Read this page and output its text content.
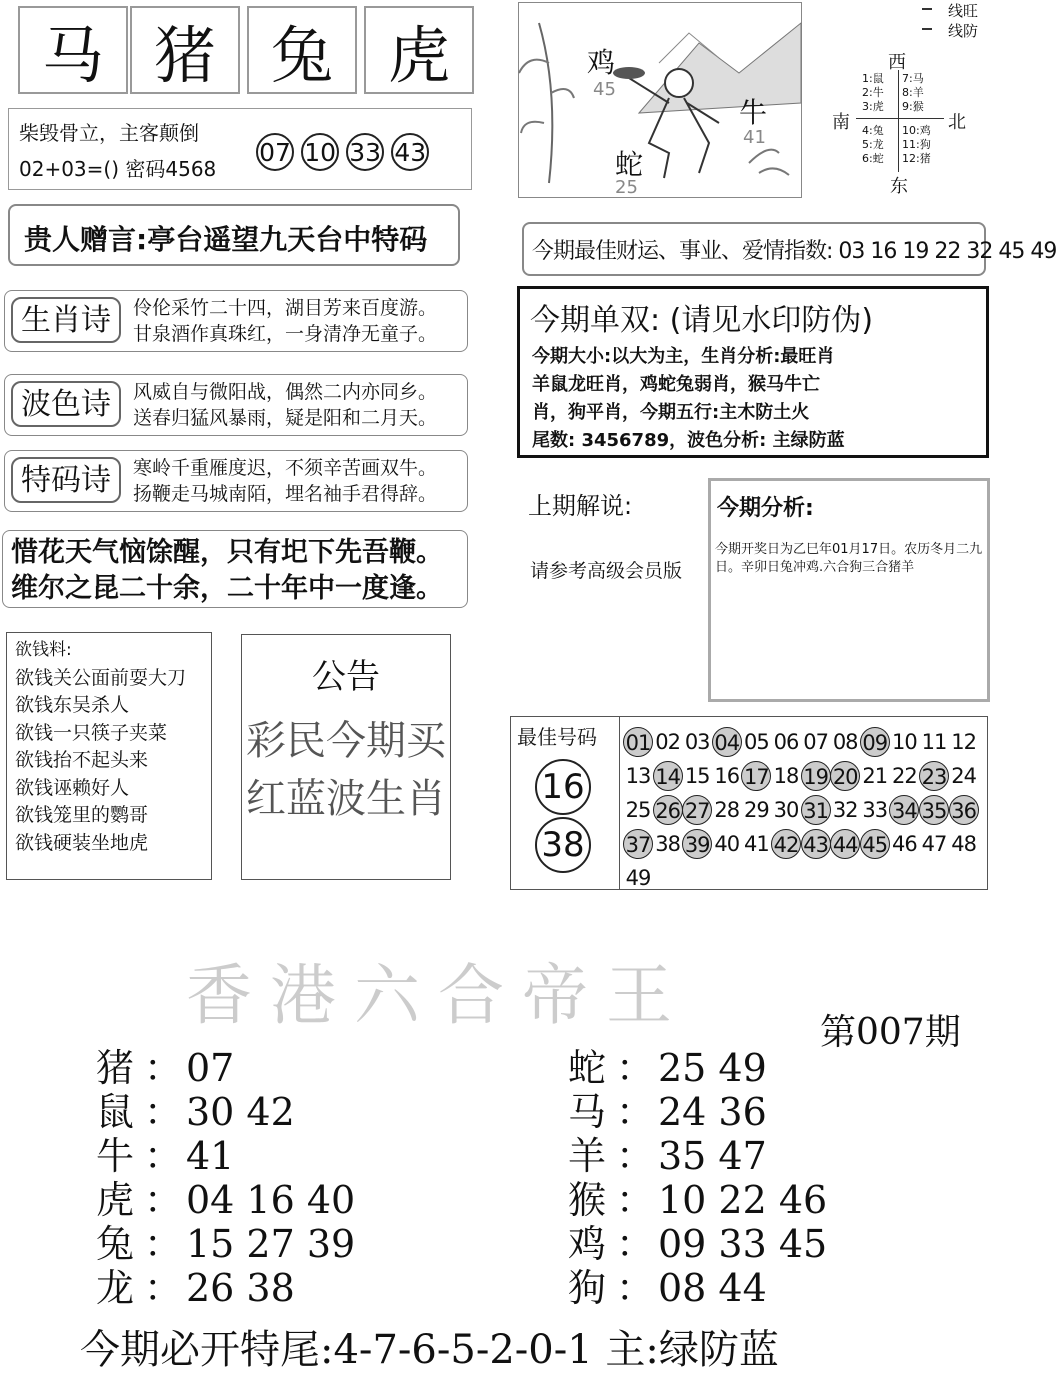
马 猪 兔 虎
柴毁骨立，主客颠倒
02+03=() 密码4568
07 10 33 43
贵人赠言:亭台遥望九天台中特码
生肖诗	伶伦采竹二十四，湖目芳来百度游。
甘泉酒作真珠红，一身清净无童子。
波色诗	风威自与微阳战，偶然二内亦同乡。
送春归猛风暴雨，疑是阳和二月天。
特码诗	寒岭千重雁度迟，不须辛苦画双牛。
扬鞭走马城南陌，埋名袖手君得辞。
惜花天气恼馀醒，只有圯下先吾鞭。
维尔之昆二十余，二十年中一度逢。
欲钱料:
欲钱关公面前耍大刀
欲钱东吴杀人
欲钱一只筷子夹菜
欲钱抬不起头来
欲钱诬赖好人
欲钱笼里的鹦哥
欲钱硬装坐地虎
公告
彩民今期买
红蓝波生肖
鸡
45
牛
41
蛇
25
线旺
线防
西
南	北
东
1:鼠
2:牛
3:虎
7:马
8:羊
9:猴
4:兔
5:龙
6:蛇
10:鸡
11:狗
12:猪
今期最佳财运、事业、爱情指数: 03 16 19 22 32 45 49
今期单双: (请见水印防伪)
今期大小:以大为主，生肖分析:最旺肖
羊鼠龙旺肖，鸡蛇兔弱肖，猴马牛亡
肖，狗平肖，今期五行:主木防土火
尾数: 3456789，波色分析: 主绿防蓝
上期解说:
请参考高级会员版
今期分析:
今期开奖日为乙巳年01月17日。农历冬月二九日。辛卯日兔冲鸡.六合狗三合猪羊
最佳号码
16
38
01 02 03 04 05 06 07 08 09 10 11 12
13 14 15 16 17 18 19 20 21 22 23 24
25 26 27 28 29 30 31 32 33 34 35 36
37 38 39 40 41 42 43 44 45 46 47 48
49
香港六合帝王	第007期
猪 ： 07
鼠 ： 30 42
牛 ： 41
虎 ： 04 16 40
兔 ： 15 27 39
龙 ： 26 38
蛇 ： 25 49
马 ： 24 36
羊 ： 35 47
猴 ： 10 22 46
鸡 ： 09 33 45
狗 ： 08 44
今期必开特尾:4-7-6-5-2-0-1 主:绿防蓝
